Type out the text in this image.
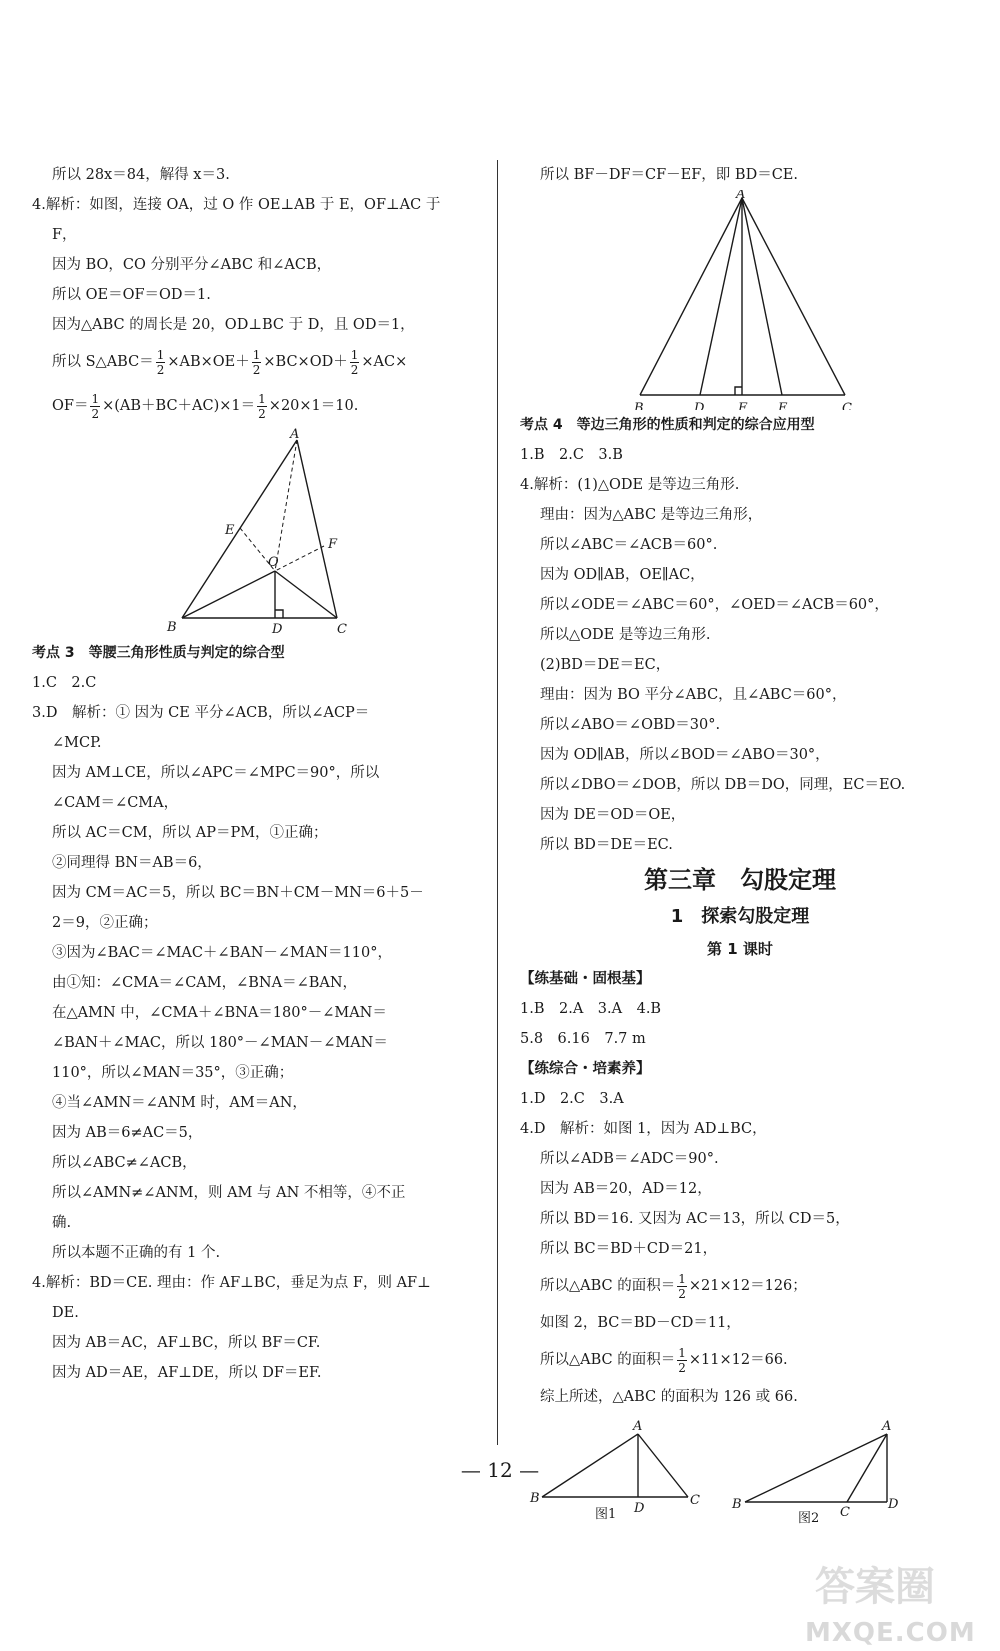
所以 28x＝84，解得 x＝3.
4.解析：如图，连接 OA，过 O 作 OE⊥AB 于 E，OF⊥AC 于
F，
因为 BO，CO 分别平分∠ABC 和∠ACB，
所以 OE＝OF＝OD＝1.
因为△ABC 的周长是 20，OD⊥BC 于 D，且 OD＝1，
所以 S△ABC＝ $\frac{1}{2} \times AB\times OE+ \frac{1}{2} \times BC\times OD+ \frac{1}{2} \times AC\times$
$OF= \frac{1}{2} \times(AB+BC+AC)\times 1= \frac{1}{2} \times 20\times 1=10$.
A
B	C
D
E
F
O
考点 3　等腰三角形性质与判定的综合型
1.C　2.C
3.D　解析：① 因为 CE 平分∠ACB，所以∠ACP＝
∠MCP.
因为 AM⊥CE，所以∠APC＝∠MPC＝90°，所以
∠CAM＝∠CMA，
所以 AC＝CM，所以 AP＝PM，①正确；
②同理得 BN＝AB＝6，
因为 CM＝AC＝5，所以 BC＝BN＋CM－MN＝6＋5－
2＝9，②正确；
③因为∠BAC＝∠MAC＋∠BAN－∠MAN＝110°，
由①知：∠CMA＝∠CAM，∠BNA＝∠BAN，
在△AMN 中，∠CMA＋∠BNA＝180°－∠MAN＝
∠BAN＋∠MAC，所以 180°－∠MAN－∠MAN＝
110°，所以∠MAN＝35°，③正确；
④当∠AMN＝∠ANM 时，AM＝AN，
因为 AB＝6≠AC＝5，
所以∠ABC≠∠ACB，
所以∠AMN≠∠ANM，则 AM 与 AN 不相等，④不正
确.
所以本题不正确的有 1 个.
4.解析：BD＝CE. 理由：作 AF⊥BC，垂足为点 F，则 AF⊥
DE.
因为 AB＝AC，AF⊥BC，所以 BF＝CF.
因为 AD＝AE，AF⊥DE，所以 DF＝EF.
所以 BF－DF＝CF－EF，即 BD＝CE.
A
B	D	F E	C
考点 4　等边三角形的性质和判定的综合应用型
1.B　2.C　3.B
4.解析：(1)△ODE 是等边三角形.
理由：因为△ABC 是等边三角形，
所以∠ABC＝∠ACB＝60°.
因为 OD∥AB，OE∥AC，
所以∠ODE＝∠ABC＝60°，∠OED＝∠ACB＝60°，
所以△ODE 是等边三角形.
(2)BD＝DE＝EC，
理由：因为 BO 平分∠ABC，且∠ABC＝60°，
所以∠ABO＝∠OBD＝30°.
因为 OD∥AB，所以∠BOD＝∠ABO＝30°，
所以∠DBO＝∠DOB，所以 DB＝DO，同理，EC＝EO.
因为 DE＝OD＝OE，
所以 BD＝DE＝EC.
第三章　勾股定理
1　探索勾股定理
第 1 课时
【练基础・固根基】
1.B　2.A　3.A　4.B
5.8　6.16　7.7 m
【练综合・培素养】
1.D　2.C　3.A
4.D　解析：如图 1，因为 AD⊥BC，
所以∠ADB＝∠ADC＝90°.
因为 AB＝20，AD＝12，
所以 BD＝16. 又因为 AC＝13，所以 CD＝5，
所以 BC＝BD＋CD＝21，
所以△ABC 的面积＝ $\frac{1}{2} \times 21\times 12=126$；
如图 2，BC＝BD－CD＝11，
所以△ABC 的面积＝ $\frac{1}{2} \times 11\times 12=66$.
综上所述，△ABC 的面积为 126 或 66.
A
B
D
C
图1
A
B
C
D
图2
— 12 —
答案圈
MXQE.COM
